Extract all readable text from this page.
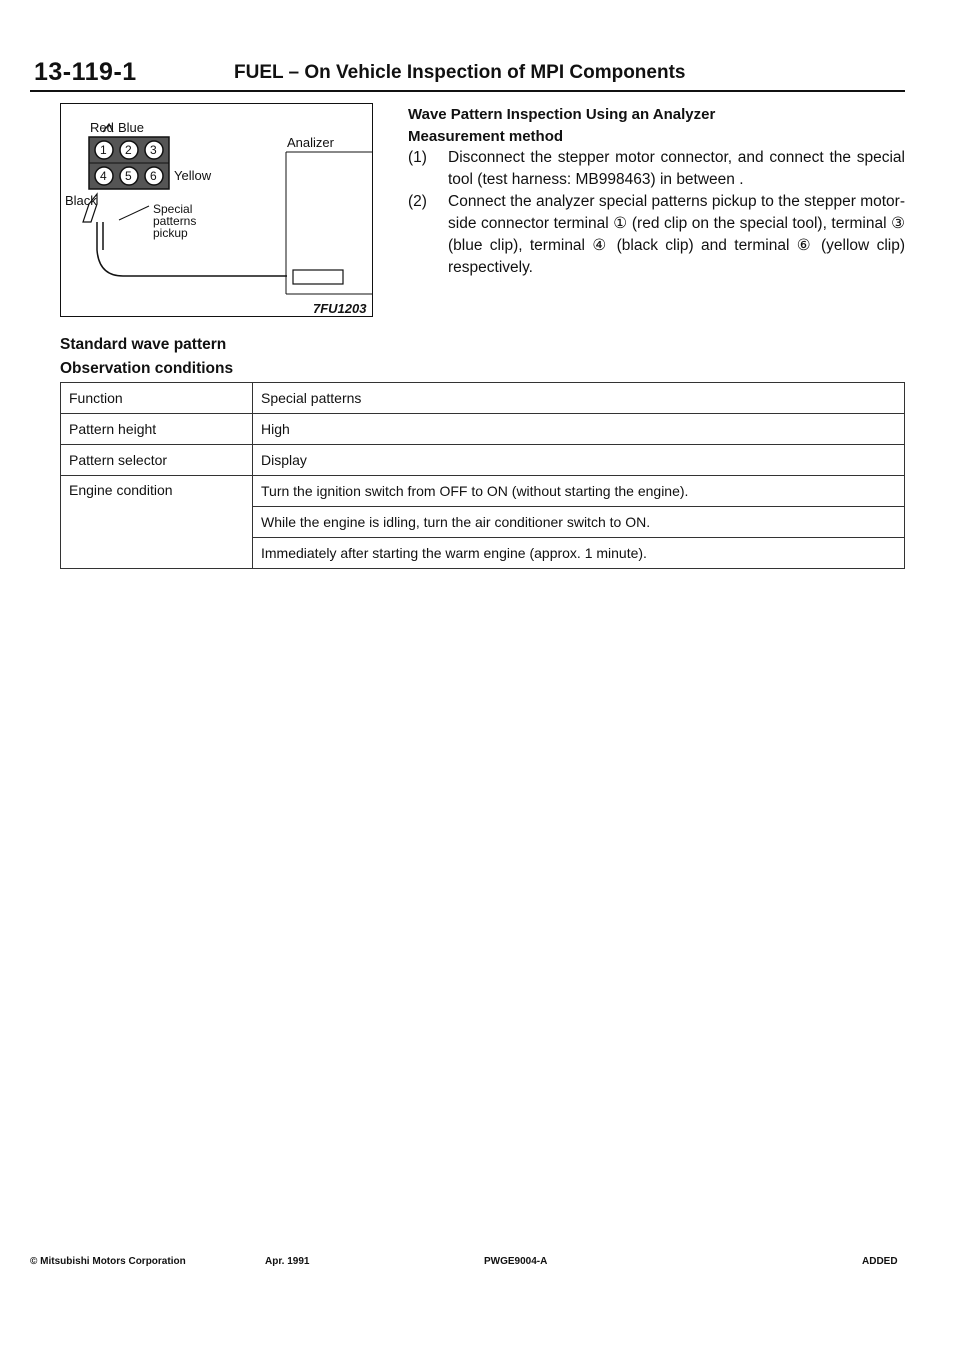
13-119-1	FUEL – On Vehicle Inspection of MPI Components
Red Blue
Yellow
Black
Special
patterns
pickup
Analizer
7FU1203
1 2 3
4 5 6
Wave Pattern Inspection Using an Analyzer
Measurement method
(1)	Disconnect the stepper motor connector, and connect the special tool (test harness: MB998463) in between .
(2)	Connect the analyzer special patterns pickup to the stepper motor-side connector terminal ① (red clip on the special tool), terminal ③ (blue clip), terminal ④ (black clip) and terminal ⑥ (yellow clip) respectively.
Standard wave pattern
Observation conditions
Function	Special patterns
Pattern height	High
Pattern selector	Display
Engine condition	Turn the ignition switch from OFF to ON (without starting the engine).
	While the engine is idling, turn the air conditioner switch to ON.
	Immediately after starting the warm engine (approx. 1 minute).
© Mitsubishi Motors Corporation	Apr. 1991	PWGE9004-A	ADDED
